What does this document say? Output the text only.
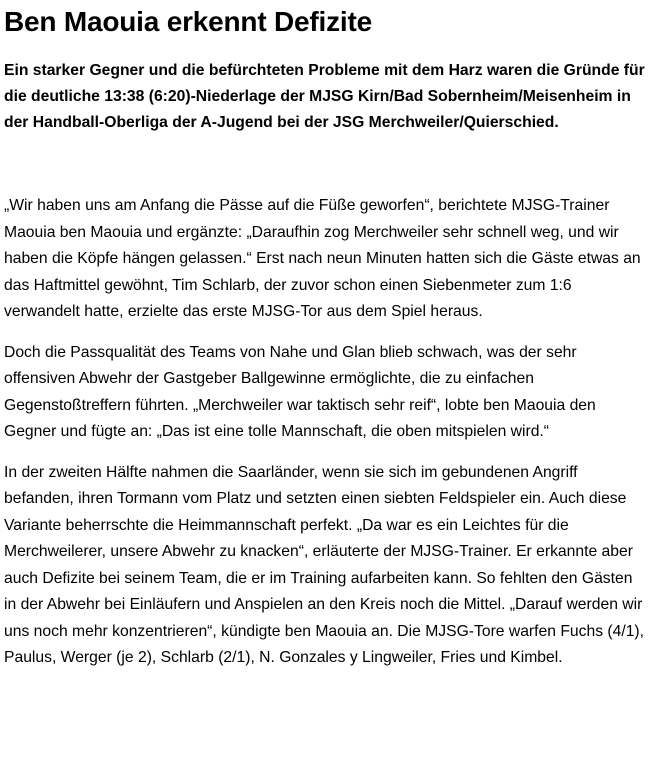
Ben Maouia erkennt Defizite

Ein starker Gegner und die befürchteten Probleme mit dem Harz waren die Gründe für die deutliche 13:38 (6:20)-Niederlage der MJSG Kirn/Bad Sobernheim/Meisenheim in der Handball-Oberliga der A-Jugend bei der JSG Merchweiler/Quierschied.

„Wir haben uns am Anfang die Pässe auf die Füße geworfen“, berichtete MJSG-Trainer Maouia ben Maouia und ergänzte: „Daraufhin zog Merchweiler sehr schnell weg, und wir haben die Köpfe hängen gelassen.“ Erst nach neun Minuten hatten sich die Gäste etwas an das Haftmittel gewöhnt, Tim Schlarb, der zuvor schon einen Siebenmeter zum 1:6 verwandelt hatte, erzielte das erste MJSG-Tor aus dem Spiel heraus.

Doch die Passqualität des Teams von Nahe und Glan blieb schwach, was der sehr offensiven Abwehr der Gastgeber Ballgewinne ermöglichte, die zu einfachen Gegenstoßtreffern führten. „Merchweiler war taktisch sehr reif“, lobte ben Maouia den Gegner und fügte an: „Das ist eine tolle Mannschaft, die oben mitspielen wird.“

In der zweiten Hälfte nahmen die Saarländer, wenn sie sich im gebundenen Angriff befanden, ihren Tormann vom Platz und setzten einen siebten Feldspieler ein. Auch diese Variante beherrschte die Heimmannschaft perfekt. „Da war es ein Leichtes für die Merchweilerer, unsere Abwehr zu knacken“, erläuterte der MJSG-Trainer. Er erkannte aber auch Defizite bei seinem Team, die er im Training aufarbeiten kann. So fehlten den Gästen in der Abwehr bei Einläufern und Anspielen an den Kreis noch die Mittel. „Darauf werden wir uns noch mehr konzentrieren“, kündigte ben Maouia an. Die MJSG-Tore warfen Fuchs (4/1), Paulus, Werger (je 2), Schlarb (2/1), N. Gonzales y Lingweiler, Fries und Kimbel.
